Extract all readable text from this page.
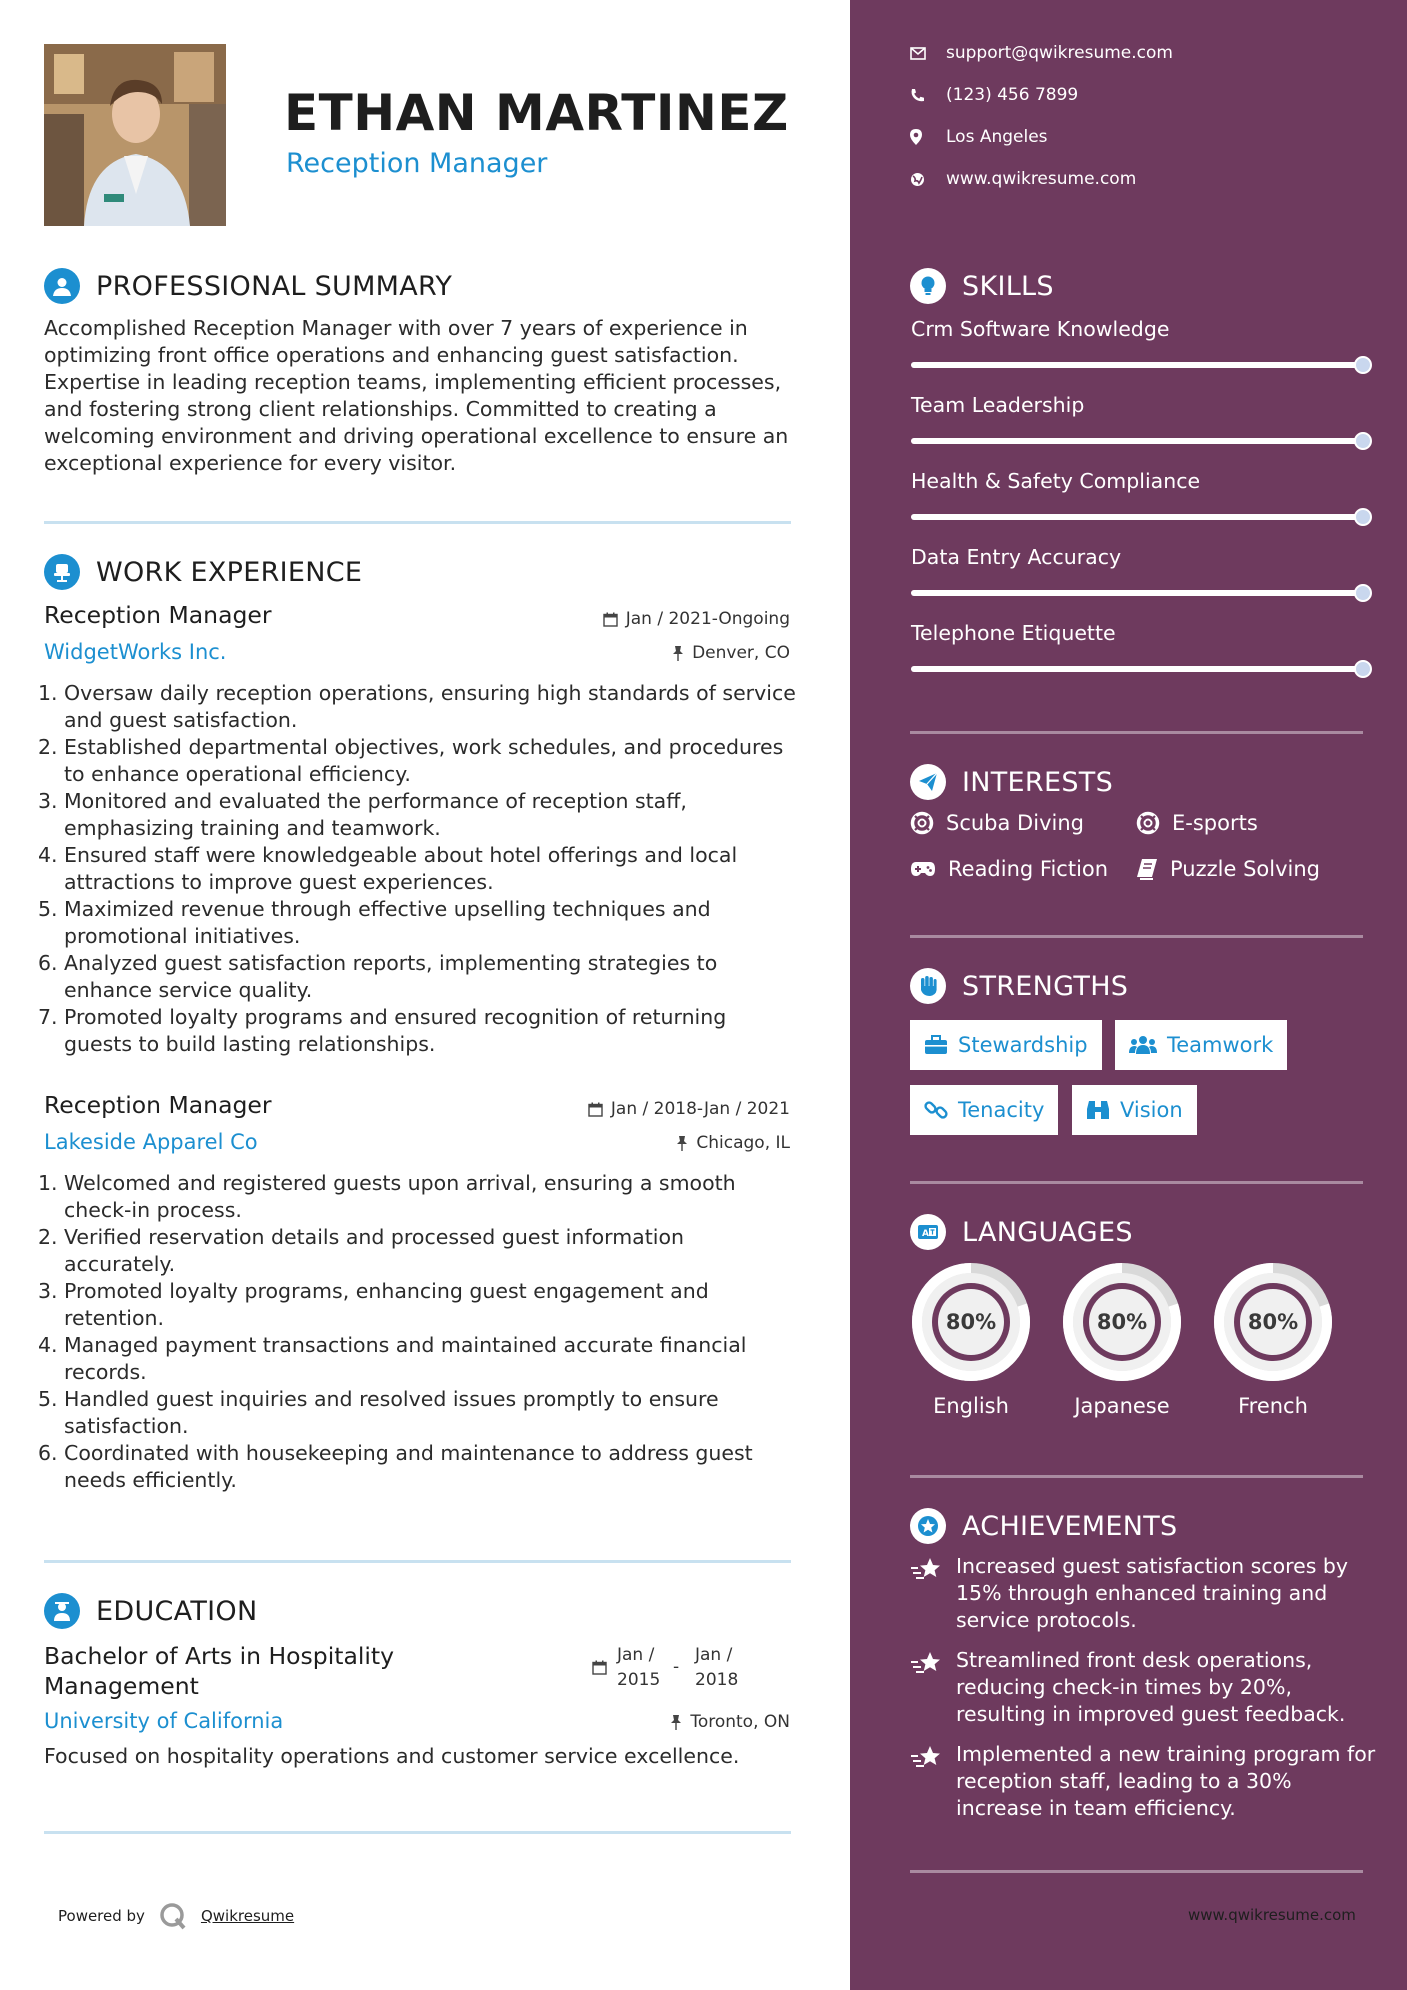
ETHAN MARTINEZ
Reception Manager
PROFESSIONAL SUMMARY

Accomplished Reception Manager with over 7 years of experience in optimizing front office operations and enhancing guest satisfaction. Expertise in leading reception teams, implementing efficient processes, and fostering strong client relationships. Committed to creating a welcoming environment and driving operational excellence to ensure an exceptional experience for every visitor.

WORK EXPERIENCE
Reception Manager
WidgetWorks Inc.
Jan / 2021-Ongoing
Denver, CO
1. Oversaw daily reception operations, ensuring high standards of service and guest satisfaction.
2. Established departmental objectives, work schedules, and procedures to enhance operational efficiency.
3. Monitored and evaluated the performance of reception staff, emphasizing training and teamwork.
4. Ensured staff were knowledgeable about hotel offerings and local attractions to improve guest experiences.
5. Maximized revenue through effective upselling techniques and promotional initiatives.
6. Analyzed guest satisfaction reports, implementing strategies to enhance service quality.
7. Promoted loyalty programs and ensured recognition of returning guests to build lasting relationships.
Reception Manager
Lakeside Apparel Co
Jan / 2018-Jan / 2021
Chicago, IL
1. Welcomed and registered guests upon arrival, ensuring a smooth check-in process.
2. Verified reservation details and processed guest information accurately.
3. Promoted loyalty programs, enhancing guest engagement and retention.
4. Managed payment transactions and maintained accurate financial records.
5. Handled guest inquiries and resolved issues promptly to ensure satisfaction.
6. Coordinated with housekeeping and maintenance to address guest needs efficiently.
EDUCATION
Bachelor of Arts in Hospitality Management
University of California
Jan / 2015
-
Jan / 2018
Toronto, ON
Focused on hospitality operations and customer service excellence.
Powered by	Qwikresume
support@qwikresume.com
(123) 456 7899
Los Angeles
www.qwikresume.com
SKILLS
Crm Software Knowledge
Team Leadership
Health & Safety Compliance
Data Entry Accuracy
Telephone Etiquette
INTERESTS
Scuba Diving	E-sports
Reading Fiction	Puzzle Solving
STRENGTHS
Stewardship	Teamwork
Tenacity	Vision
A LANGUAGES
80%
English
80%
Japanese
80%
French
ACHIEVEMENTS
Increased guest satisfaction scores by 15% through enhanced training and service protocols.
Streamlined front desk operations, reducing check-in times by 20%, resulting in improved guest feedback.
Implemented a new training program for reception staff, leading to a 30% increase in team efficiency.
www.qwikresume.com
